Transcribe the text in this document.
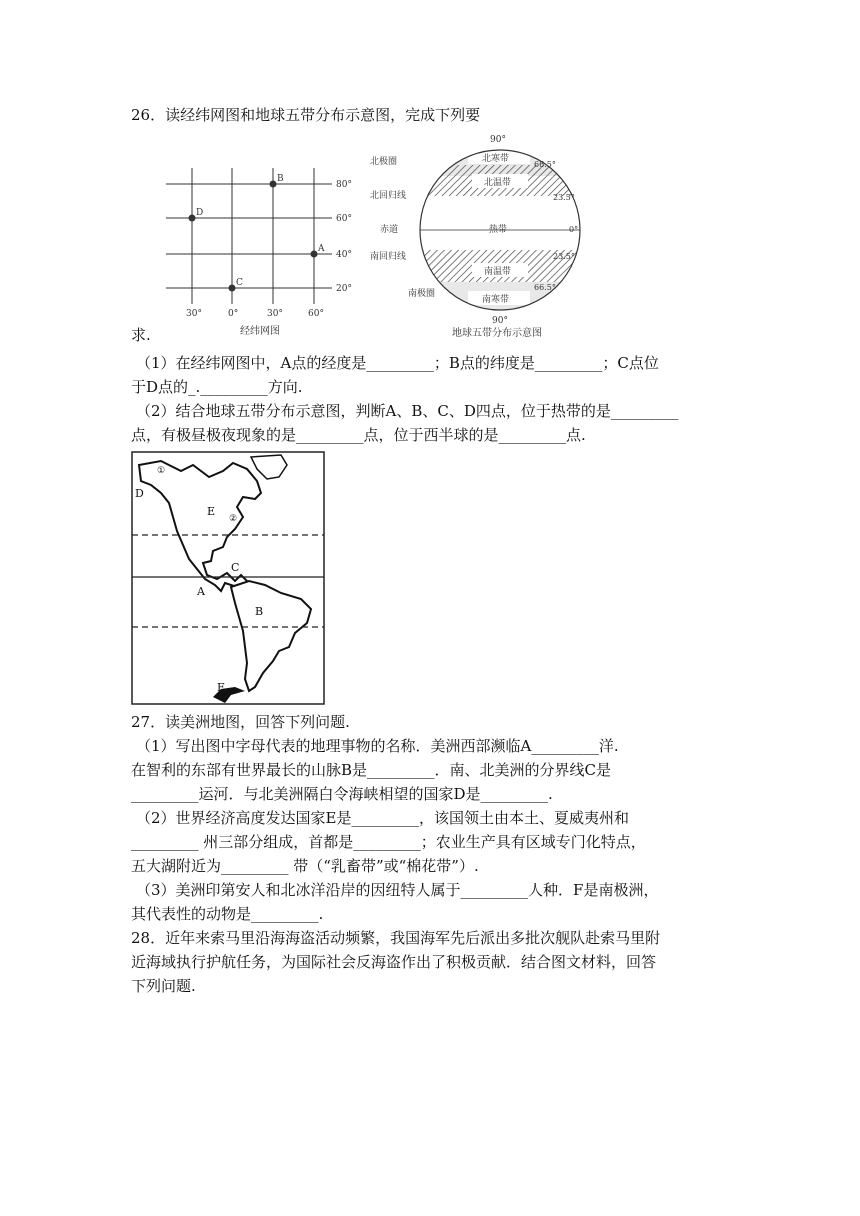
26．读经纬网图和地球五带分布示意图，完成下列要
80°
60°
40°
20°
30°	0°	30°	60°
经纬网图
B
D
A
C
90°
北极圈
北回归线
赤道
南回归线
南极圈
北寒带
北温带
热带
南温带
南寒带
66.5°
23.5°
0°
23.5°
66.5°
90°
地球五带分布示意图
求.
（1）在经纬网图中，A点的经度是_________；B点的纬度是_________；C点位
于D点的_._________方向.
（2）结合地球五带分布示意图，判断A、B、C、D四点，位于热带的是_________
点，有极昼极夜现象的是_________点，位于西半球的是_________点.
①
D
E
②
C
A
B
F
27．读美洲地图，回答下列问题.
（1）写出图中字母代表的地理事物的名称．美洲西部濒临A_________洋.
在智利的东部有世界最长的山脉B是_________．南、北美洲的分界线C是
_________运河．与北美洲隔白令海峡相望的国家D是_________.
（2）世界经济高度发达国家E是_________，该国领土由本土、夏威夷州和
_________ 州三部分组成，首都是_________；农业生产具有区域专门化特点，
五大湖附近为_________ 带（“乳畜带”或“棉花带”）.
（3）美洲印第安人和北冰洋沿岸的因纽特人属于_________人种．F是南极洲，
其代表性的动物是_________.
28．近年来索马里沿海海盗活动频繁，我国海军先后派出多批次舰队赴索马里附
近海域执行护航任务，为国际社会反海盗作出了积极贡献．结合图文材料，回答
下列问题.
